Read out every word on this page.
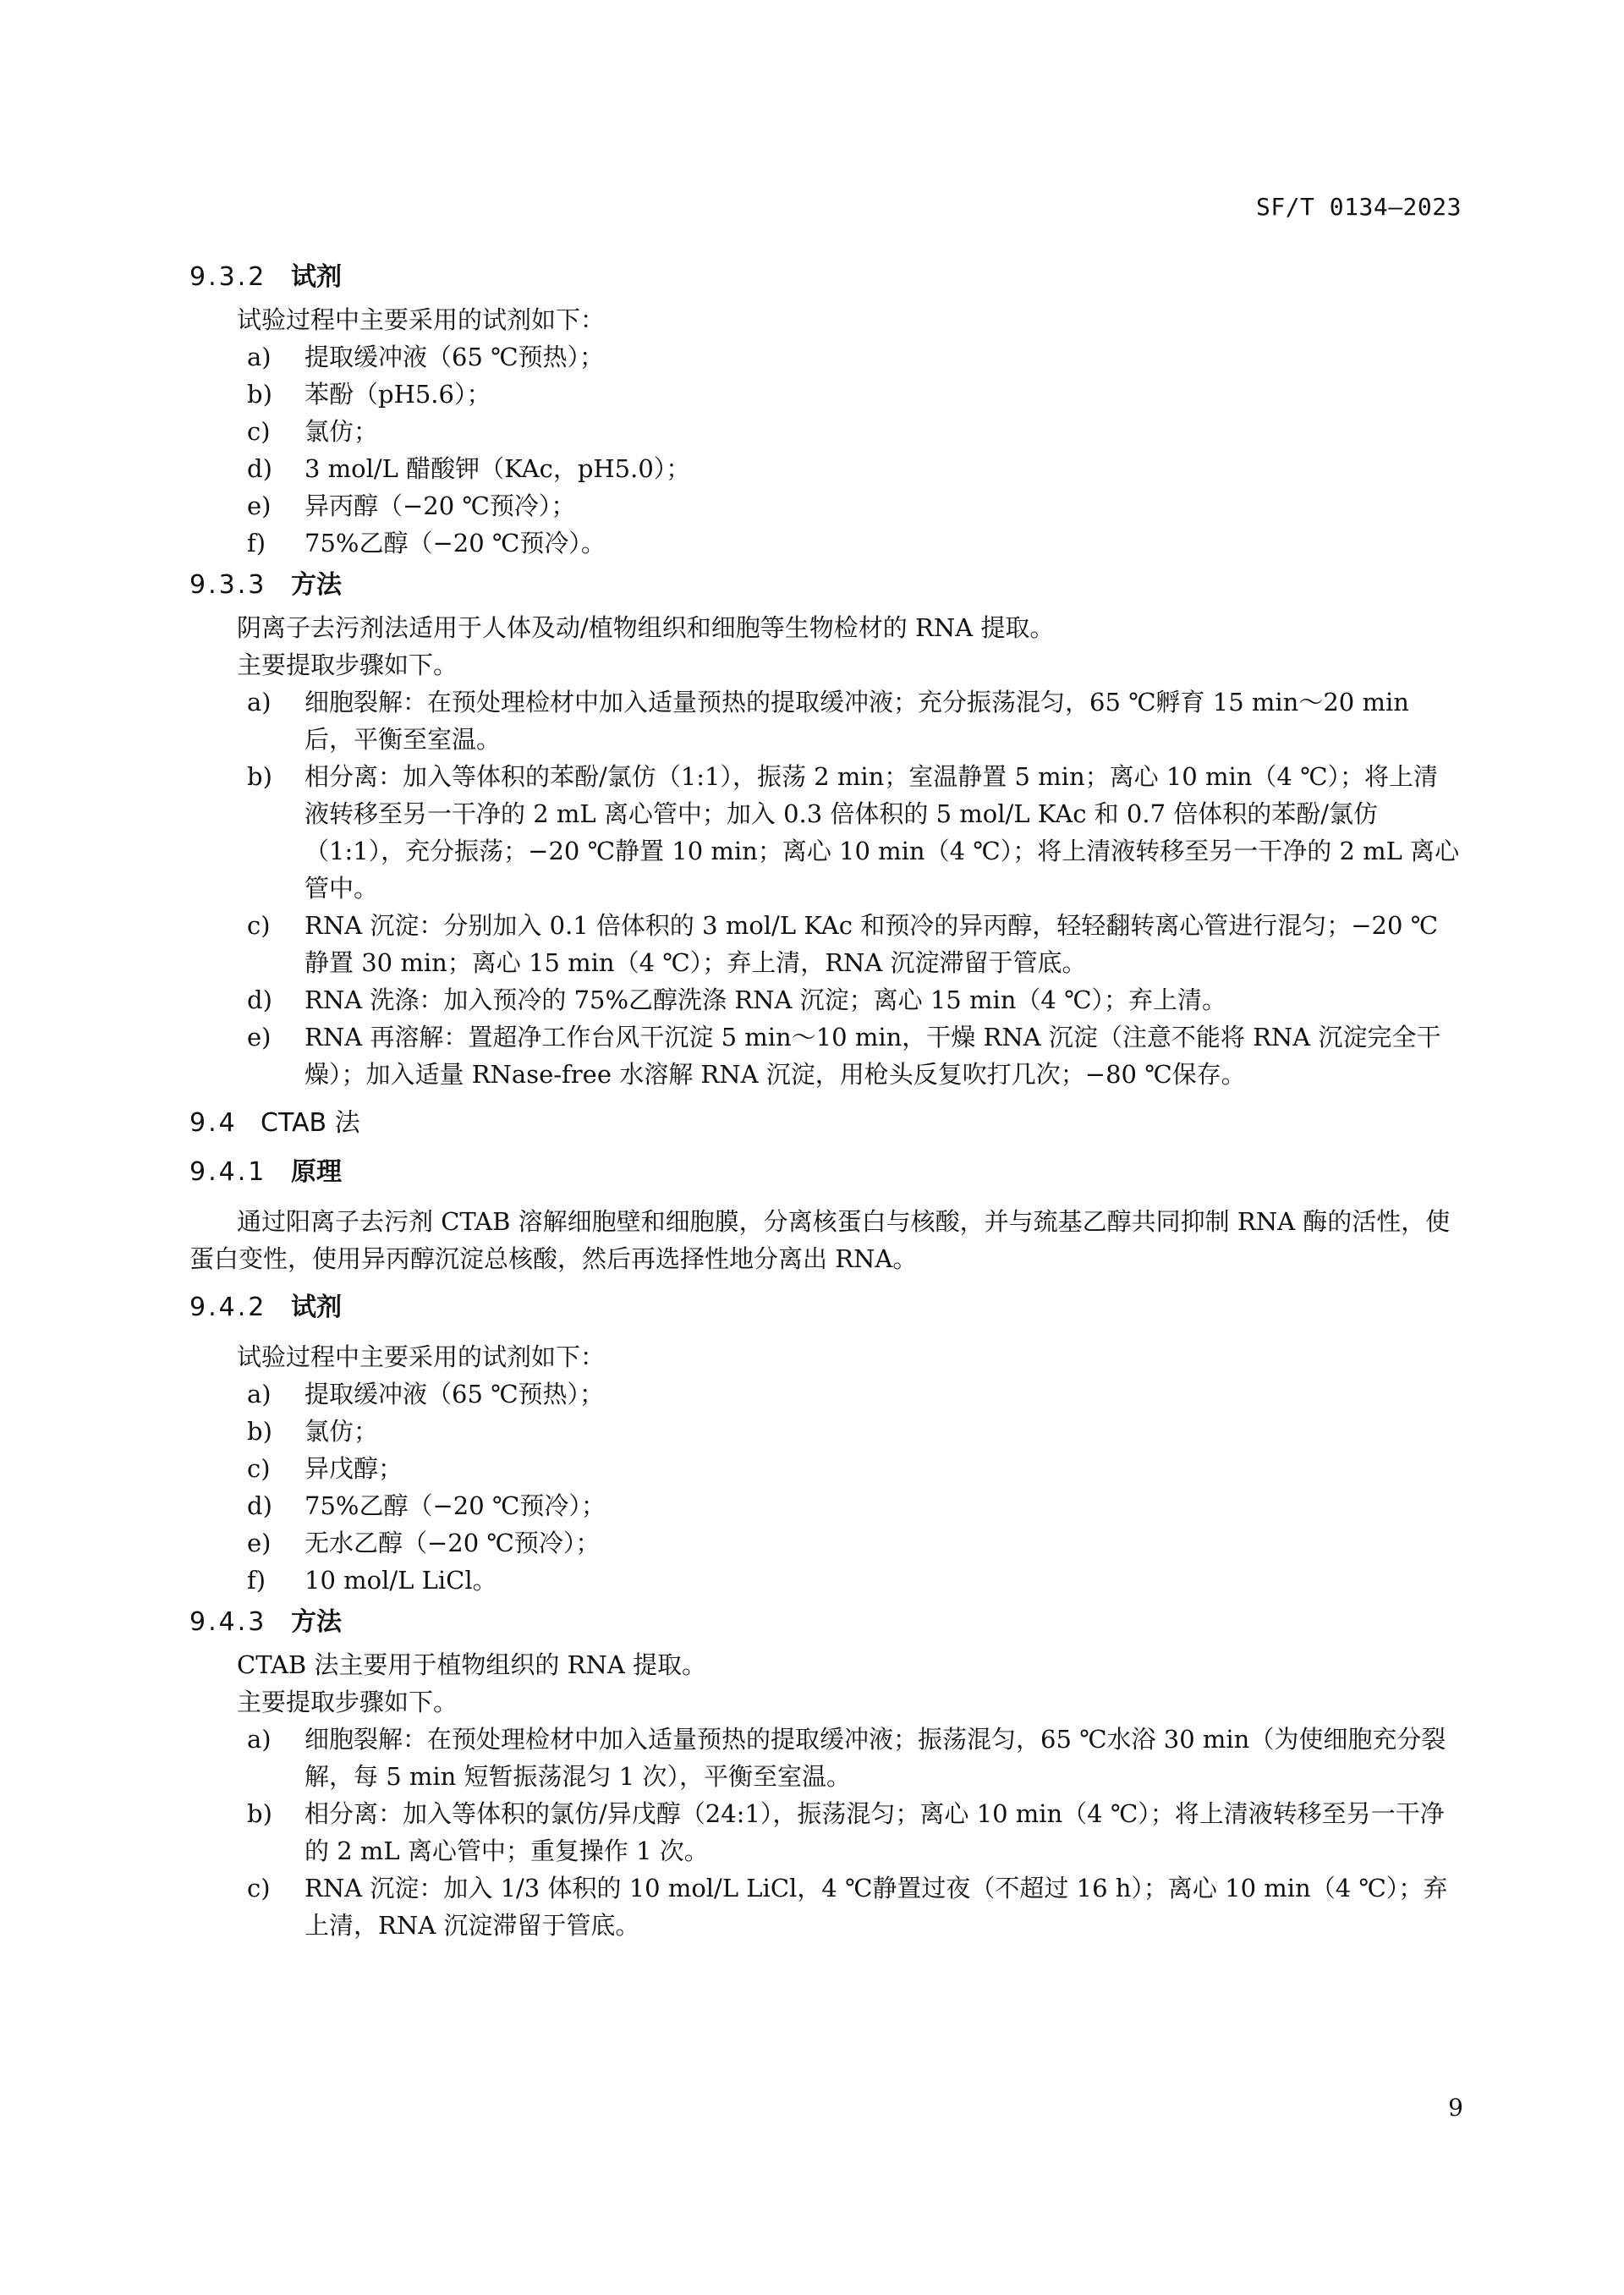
SF/T 0134—2023
9.3.2 试剂
试验过程中主要采用的试剂如下：
a)	提取缓冲液（65 ℃预热）；
b)	苯酚（pH5.6）；
c)	氯仿；
d)	3 mol/L 醋酸钾（KAc，pH5.0）；
e)	异丙醇（−20 ℃预冷）；
f)	75%乙醇（−20 ℃预冷）。
9.3.3 方法
阴离子去污剂法适用于人体及动/植物组织和细胞等生物检材的 RNA 提取。
主要提取步骤如下。
a)	细胞裂解：在预处理检材中加入适量预热的提取缓冲液；充分振荡混匀，65 ℃孵育 15 min～20 min 后，平衡至室温。
b)	相分离：加入等体积的苯酚/氯仿（1:1），振荡 2 min；室温静置 5 min；离心 10 min（4 ℃）；将上清液转移至另一干净的 2 mL 离心管中；加入 0.3 倍体积的 5 mol/L KAc 和 0.7 倍体积的苯酚/氯仿（1:1），充分振荡；−20 ℃静置 10 min；离心 10 min（4 ℃）；将上清液转移至另一干净的 2 mL 离心管中。
c)	RNA 沉淀：分别加入 0.1 倍体积的 3 mol/L KAc 和预冷的异丙醇，轻轻翻转离心管进行混匀；−20 ℃静置 30 min；离心 15 min（4 ℃）；弃上清，RNA 沉淀滞留于管底。
d)	RNA 洗涤：加入预冷的 75%乙醇洗涤 RNA 沉淀；离心 15 min（4 ℃）；弃上清。
e)	RNA 再溶解：置超净工作台风干沉淀 5 min～10 min，干燥 RNA 沉淀（注意不能将 RNA 沉淀完全干燥）；加入适量 RNase-free 水溶解 RNA 沉淀，用枪头反复吹打几次；−80 ℃保存。
9.4 CTAB 法
9.4.1 原理
通过阳离子去污剂 CTAB 溶解细胞壁和细胞膜，分离核蛋白与核酸，并与巯基乙醇共同抑制 RNA 酶的活性，使蛋白变性，使用异丙醇沉淀总核酸，然后再选择性地分离出 RNA。
9.4.2 试剂
试验过程中主要采用的试剂如下：
a)	提取缓冲液（65 ℃预热）；
b)	氯仿；
c)	异戊醇；
d)	75%乙醇（−20 ℃预冷）；
e)	无水乙醇（−20 ℃预冷）；
f)	10 mol/L LiCl。
9.4.3 方法
CTAB 法主要用于植物组织的 RNA 提取。
主要提取步骤如下。
a)	细胞裂解：在预处理检材中加入适量预热的提取缓冲液；振荡混匀，65 ℃水浴 30 min（为使细胞充分裂解，每 5 min 短暂振荡混匀 1 次），平衡至室温。
b)	相分离：加入等体积的氯仿/异戊醇（24:1），振荡混匀；离心 10 min（4 ℃）；将上清液转移至另一干净的 2 mL 离心管中；重复操作 1 次。
c)	RNA 沉淀：加入 1/3 体积的 10 mol/L LiCl，4 ℃静置过夜（不超过 16 h）；离心 10 min（4 ℃）；弃上清，RNA 沉淀滞留于管底。
9
